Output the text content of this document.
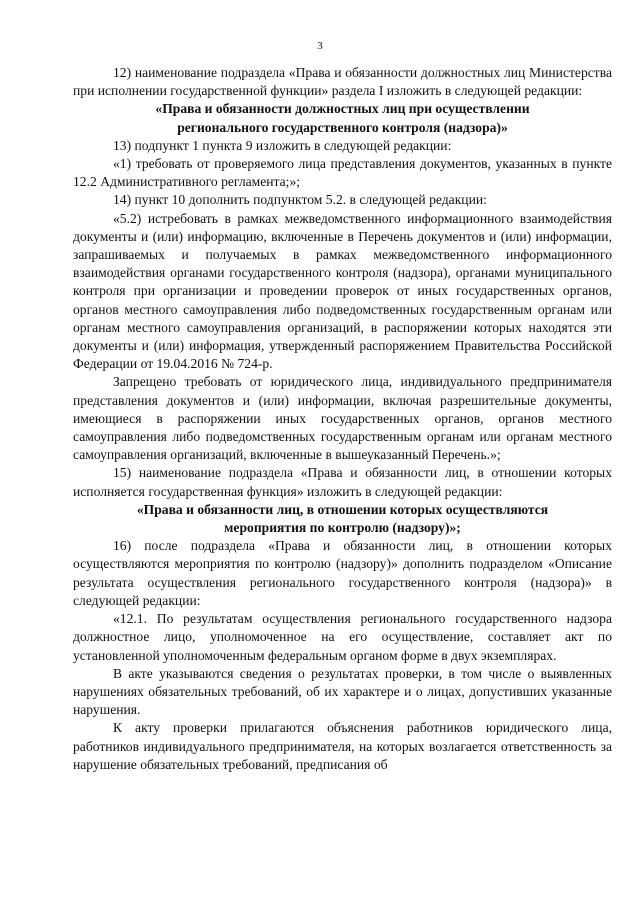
3

12) наименование подраздела «Права и обязанности должностных лиц Министерства при исполнении государственной функции» раздела I изложить в следующей редакции:

«Права и обязанности должностных лиц при осуществлении
регионального государственного контроля (надзора)»

13) подпункт 1 пункта 9 изложить в следующей редакции:

«1) требовать от проверяемого лица представления документов, указанных в пункте 12.2 Административного регламента;»;

14) пункт 10 дополнить подпунктом 5.2. в следующей редакции:

«5.2) истребовать в рамках межведомственного информационного взаимодействия документы и (или) информацию, включенные в Перечень документов и (или) информации, запрашиваемых и получаемых в рамках межведомственного информационного взаимодействия органами государственного контроля (надзора), органами муниципального контроля при организации и проведении проверок от иных государственных органов, органов местного самоуправления либо подведомственных государственным органам или органам местного самоуправления организаций, в распоряжении которых находятся эти документы и (или) информация, утвержденный распоряжением Правительства Российской Федерации от 19.04.2016 № 724-р.

Запрещено требовать от юридического лица, индивидуального предпринимателя представления документов и (или) информации, включая разрешительные документы, имеющиеся в распоряжении иных государственных органов, органов местного самоуправления либо подведомственных государственным органам или органам местного самоуправления организаций, включенные в вышеуказанный Перечень.»;

15) наименование подраздела «Права и обязанности лиц, в отношении которых исполняется государственная функция» изложить в следующей редакции:

«Права и обязанности лиц, в отношении которых осуществляются
мероприятия по контролю (надзору)»;

16) после подраздела «Права и обязанности лиц, в отношении которых осуществляются мероприятия по контролю (надзору)» дополнить подразделом «Описание результата осуществления регионального государственного контроля (надзора)» в следующей редакции:

«12.1. По результатам осуществления регионального государственного надзора должностное лицо, уполномоченное на его осуществление, составляет акт по установленной уполномоченным федеральным органом форме в двух экземплярах.

В акте указываются сведения о результатах проверки, в том числе о выявленных нарушениях обязательных требований, об их характере и о лицах, допустивших указанные нарушения.

К акту проверки прилагаются объяснения работников юридического лица, работников индивидуального предпринимателя, на которых возлагается ответственность за нарушение обязательных требований, предписания об
